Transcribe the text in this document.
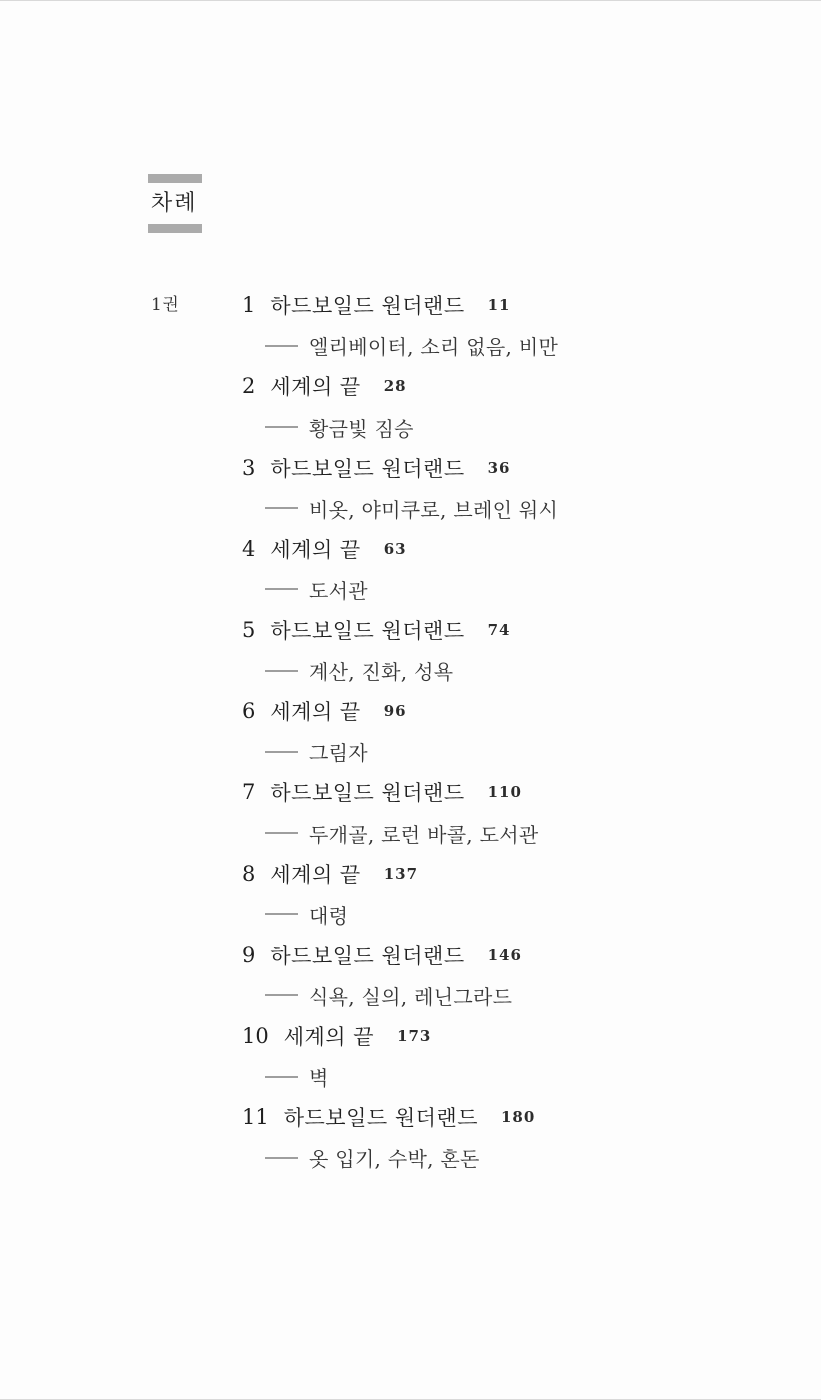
차례
1권	1 하드보일드 원더랜드 11
엘리베이터, 소리 없음, 비만
2 세계의 끝 28
황금빛 짐승
3 하드보일드 원더랜드 36
비옷, 야미쿠로, 브레인 워시
4 세계의 끝 63
도서관
5 하드보일드 원더랜드 74
계산, 진화, 성욕
6 세계의 끝 96
그림자
7 하드보일드 원더랜드 110
두개골, 로런 바콜, 도서관
8 세계의 끝 137
대령
9 하드보일드 원더랜드 146
식욕, 실의, 레닌그라드
10 세계의 끝 173
벽
11 하드보일드 원더랜드 180
옷 입기, 수박, 혼돈
